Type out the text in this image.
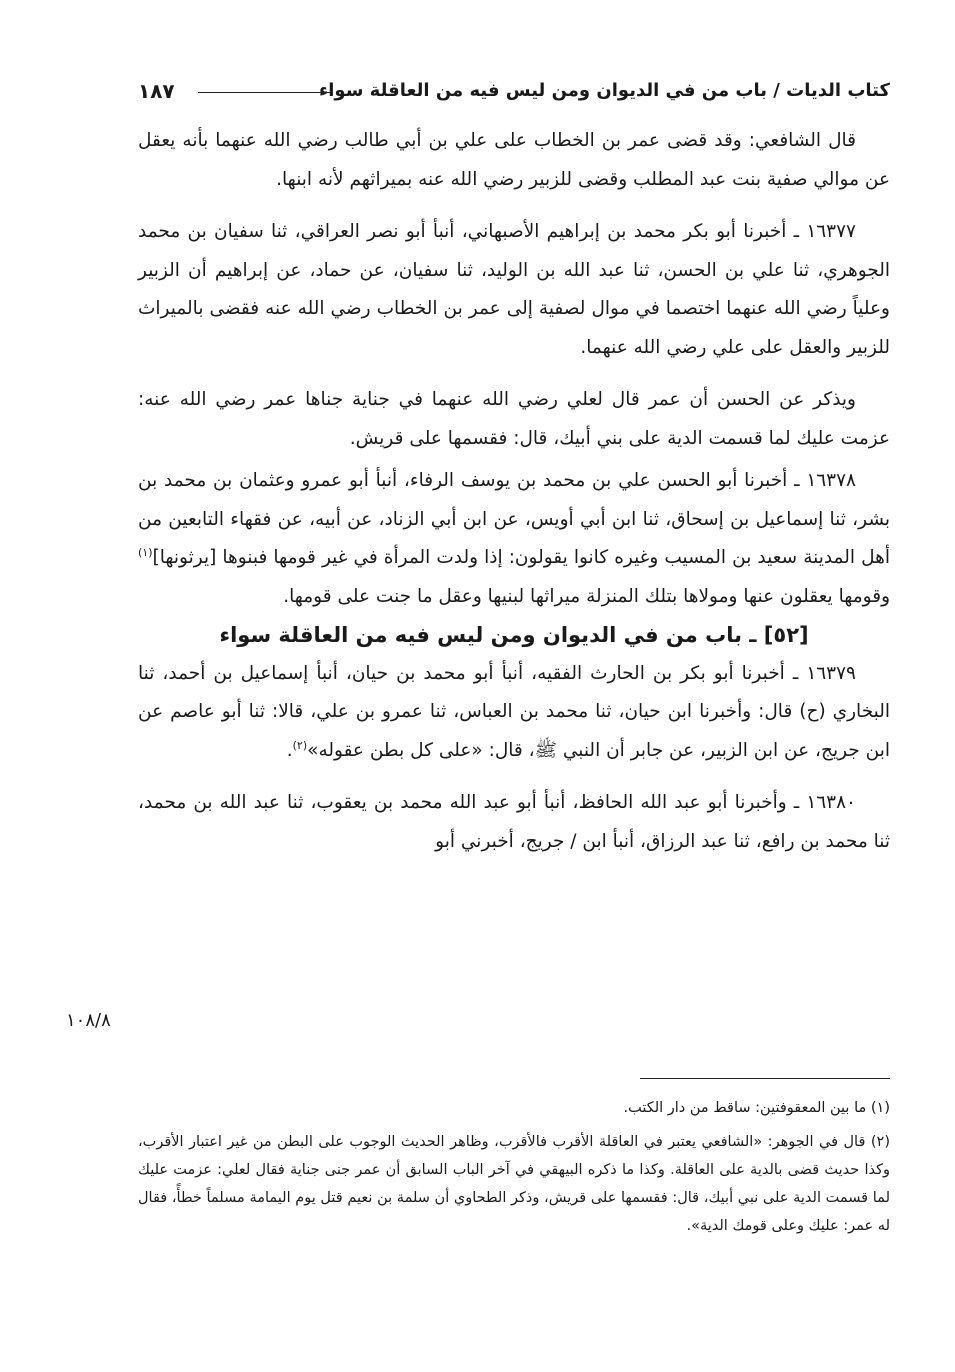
كتاب الديات / باب من في الديوان ومن ليس فيه من العاقلة سواء
١٨٧

قال الشافعي: وقد قضى عمر بن الخطاب على علي بن أبي طالب رضي الله عنهما بأنه يعقل عن موالي صفية بنت عبد المطلب وقضى للزبير رضي الله عنه بميراثهم لأنه ابنها.

١٦٣٧٧ ـ أخبرنا أبو بكر محمد بن إبراهيم الأصبهاني، أنبأ أبو نصر العراقي، ثنا سفيان بن محمد الجوهري، ثنا علي بن الحسن، ثنا عبد الله بن الوليد، ثنا سفيان، عن حماد، عن إبراهيم أن الزبير وعلياً رضي الله عنهما اختصما في موال لصفية إلى عمر بن الخطاب رضي الله عنه فقضى بالميراث للزبير والعقل على علي رضي الله عنهما.

ويذكر عن الحسن أن عمر قال لعلي رضي الله عنهما في جناية جناها عمر رضي الله عنه: عزمت عليك لما قسمت الدية على بني أبيك، قال: فقسمها على قريش.

١٦٣٧٨ ـ أخبرنا أبو الحسن علي بن محمد بن يوسف الرفاء، أنبأ أبو عمرو وعثمان بن محمد بن بشر، ثنا إسماعيل بن إسحاق، ثنا ابن أبي أويس، عن ابن أبي الزناد، عن أبيه، عن فقهاء التابعين من أهل المدينة سعيد بن المسيب وغيره كانوا يقولون: إذا ولدت المرأة في غير قومها فبنوها [يرثونها]$^{(١)}$ وقومها يعقلون عنها ومولاها بتلك المنزلة ميراثها لبنيها وعقل ما جنت على قومها.

[٥٢] ـ باب من في الديوان ومن ليس فيه من العاقلة سواء

١٦٣٧٩ ـ أخبرنا أبو بكر بن الحارث الفقيه، أنبأ أبو محمد بن حيان، أنبأ إسماعيل بن أحمد، ثنا البخاري (ح) قال: وأخبرنا ابن حيان، ثنا محمد بن العباس، ثنا عمرو بن علي، قالا: ثنا أبو عاصم عن ابن جريج، عن ابن الزبير، عن جابر أن النبي ﷺ، قال: «على كل بطن عقوله»$^{(٢)}$.

١٦٣٨٠ ـ وأخبرنا أبو عبد الله الحافظ، أنبأ أبو عبد الله محمد بن يعقوب، ثنا عبد الله بن محمد، ثنا محمد بن رافع، ثنا عبد الرزاق، أنبأ ابن / جريج، أخبرني أبو

١٠٨/٨

(١) ما بين المعقوفتين: ساقط من دار الكتب.

(٢) قال في الجوهر: «الشافعي يعتبر في العاقلة الأقرب فالأقرب، وظاهر الحديث الوجوب على البطن من غير اعتبار الأقرب، وكذا حديث قضى بالدية على العاقلة. وكذا ما ذكره البيهقي في آخر الباب السابق أن عمر جنى جناية فقال لعلي: عزمت عليك لما قسمت الدية على نبي أبيك، قال: فقسمها على قريش، وذكر الطحاوي أن سلمة بن نعيم قتل يوم اليمامة مسلماً خطأً، فقال له عمر: عليك وعلى قومك الدية».
